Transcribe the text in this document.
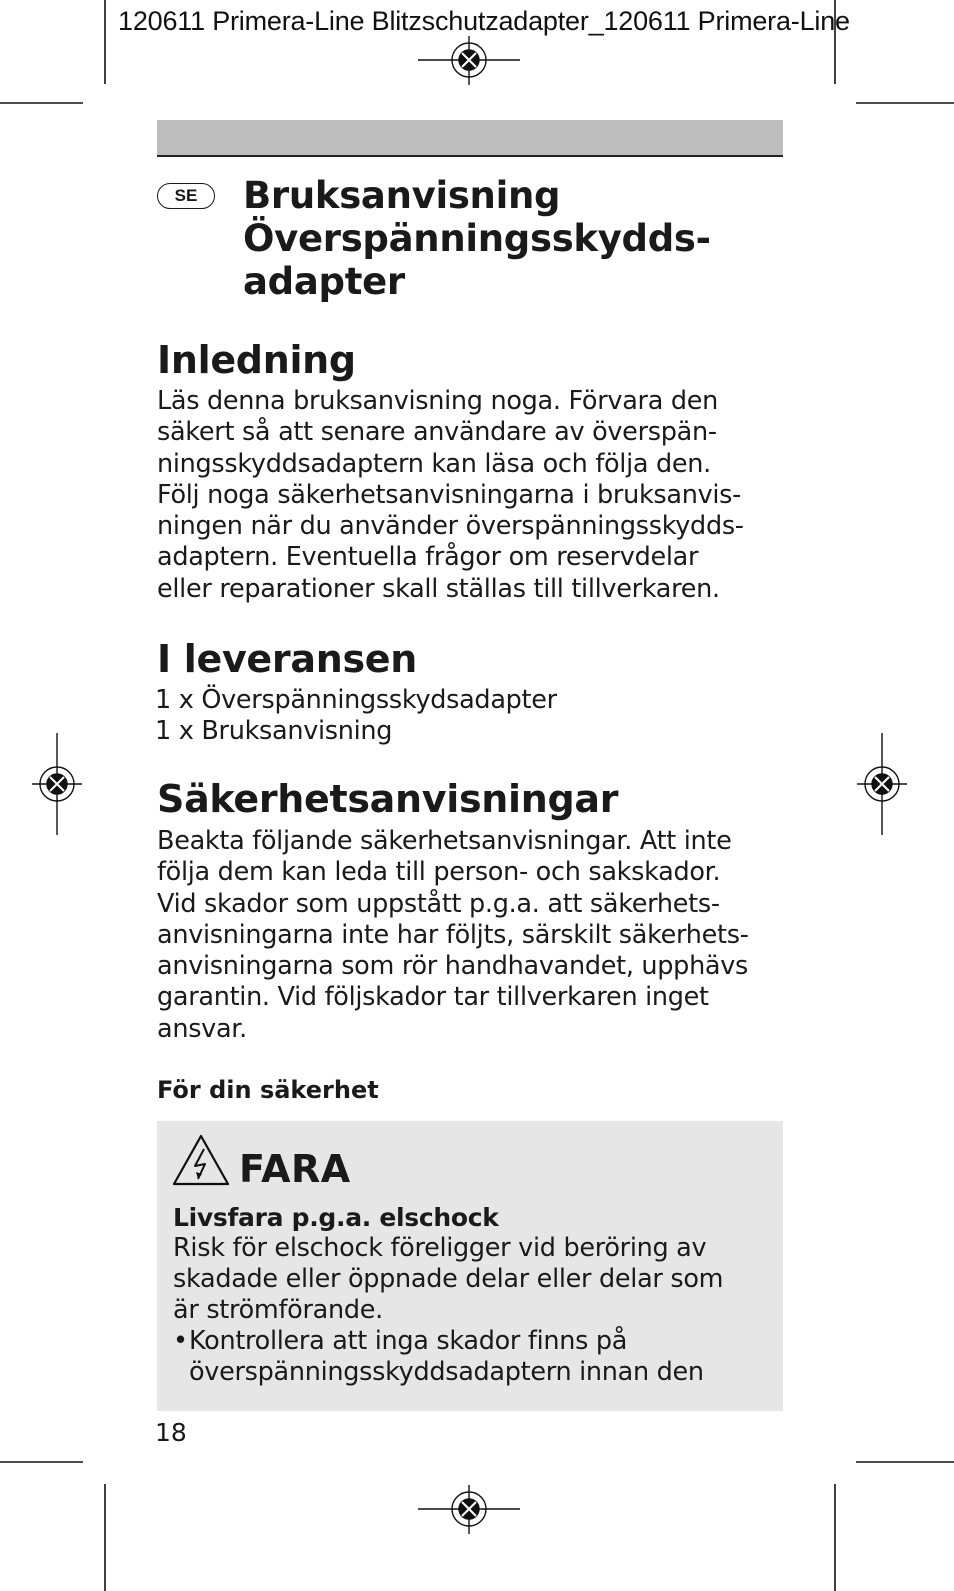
120611 Primera-Line Blitzschutzadapter_120611 Primera-Line
SE	Bruksanvisning
Överspänningsskydds-
adapter
Inledning
Läs denna bruksanvisning noga. Förvara den
säkert så att senare användare av överspän-
ningsskyddsadaptern kan läsa och följa den.
Följ noga säkerhetsanvisningarna i bruksanvis-
ningen när du använder överspänningsskydds-
adaptern. Eventuella frågor om reservdelar
eller reparationer skall ställas till tillverkaren.
I leveransen
1 x Överspänningsskydsadapter
1 x Bruksanvisning
Säkerhetsanvisningar
Beakta följande säkerhetsanvisningar. Att inte
följa dem kan leda till person- och sakskador.
Vid skador som uppstått p.g.a. att säkerhets-
anvisningarna inte har följts, särskilt säkerhets-
anvisningarna som rör handhavandet, upphävs
garantin. Vid följskador tar tillverkaren inget
ansvar.
För din säkerhet
FARA
Livsfara p.g.a. elschock
Risk för elschock föreligger vid beröring av
skadade eller öppnade delar eller delar som
är strömförande.
• Kontrollera att inga skador finns på
överspänningsskyddsadaptern innan den
18
